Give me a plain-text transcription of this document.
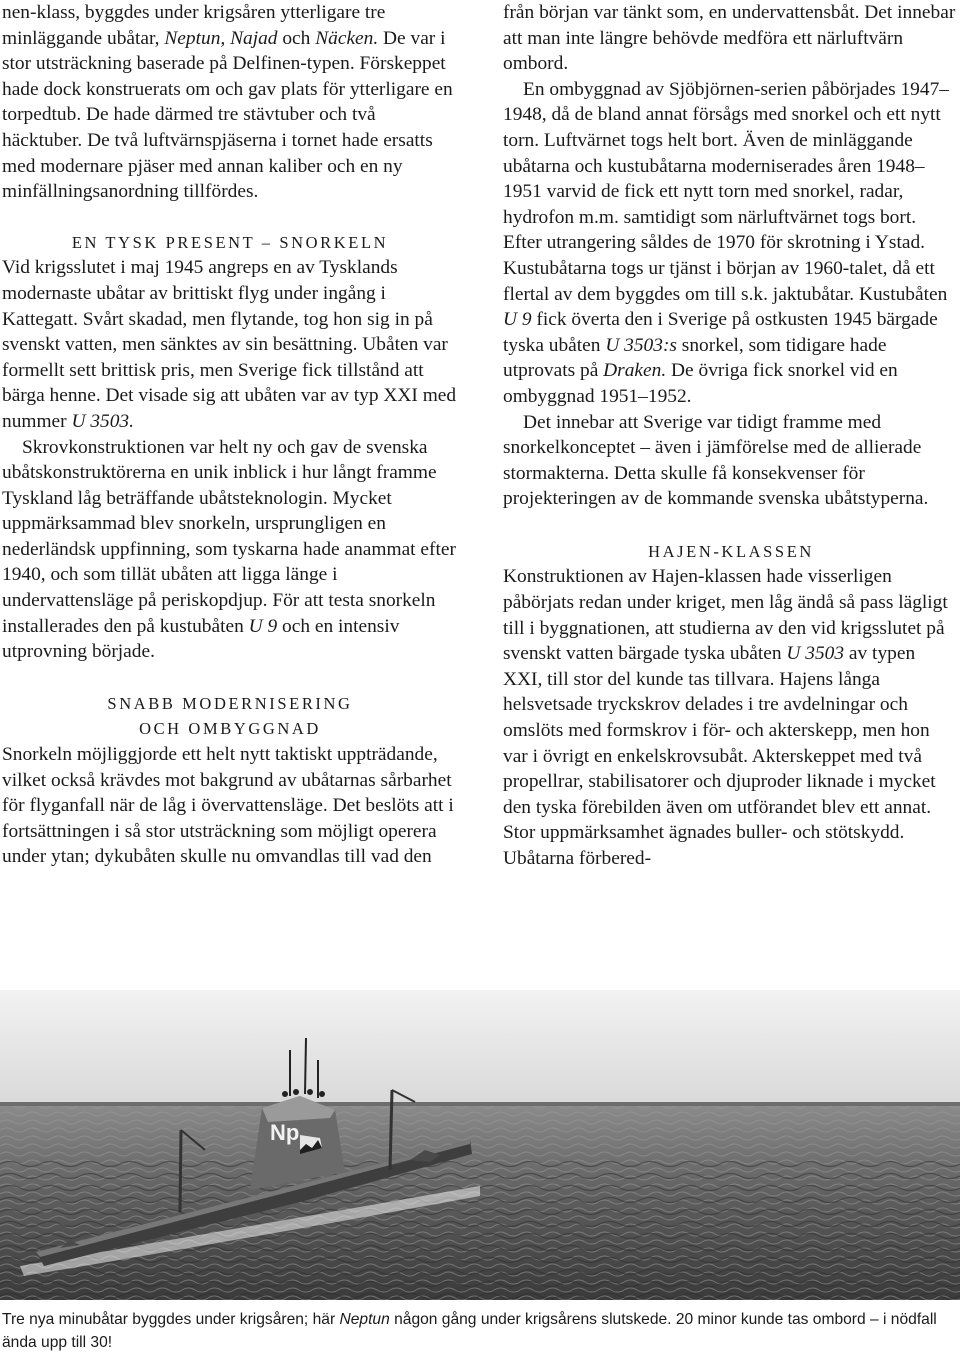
nen-klass, byggdes under krigsåren ytterligare tre minläggande ubåtar, Neptun, Najad och Näcken. De var i stor utsträckning baserade på Delfinen-typen. Förskeppet hade dock konstruerats om och gav plats för ytterligare en torpedtub. De hade därmed tre stävtuber och två häcktuber. De två luftvärnspjäserna i tornet hade ersatts med modernare pjäser med annan kaliber och en ny minfällningsanordning tillfördes.

EN TYSK PRESENT – SNORKELN

Vid krigsslutet i maj 1945 angreps en av Tysklands modernaste ubåtar av brittiskt flyg under ingång i Kattegatt. Svårt skadad, men flytande, tog hon sig in på svenskt vatten, men sänktes av sin besättning. Ubåten var formellt sett brittisk pris, men Sverige fick tillstånd att bärga henne. Det visade sig att ubåten var av typ XXI med nummer U 3503.

Skrovkonstruktionen var helt ny och gav de svenska ubåtskonstruktörerna en unik inblick i hur långt framme Tyskland låg beträffande ubåtsteknologin. Mycket uppmärksammad blev snorkeln, ursprungligen en nederländsk uppfinning, som tyskarna hade anammat efter 1940, och som tillät ubåten att ligga länge i undervattensläge på periskopdjup. För att testa snorkeln installerades den på kustubåten U 9 och en intensiv utprovning började.

SNABB MODERNISERING
OCH OMBYGGNAD

Snorkeln möjliggjorde ett helt nytt taktiskt uppträdande, vilket också krävdes mot bakgrund av ubåtarnas sårbarhet för flyganfall när de låg i övervattensläge. Det beslöts att i fortsättningen i så stor utsträckning som möjligt operera under ytan; dykubåten skulle nu omvandlas till vad den

från början var tänkt som, en undervattensbåt. Det innebar att man inte längre behövde medföra ett närluftvärn ombord.

En ombyggnad av Sjöbjörnen-serien påbörjades 1947–1948, då de bland annat försågs med snorkel och ett nytt torn. Luftvärnet togs helt bort. Även de minläggande ubåtarna och kustubåtarna moderniserades åren 1948–1951 varvid de fick ett nytt torn med snorkel, radar, hydrofon m.m. samtidigt som närluftvärnet togs bort. Efter utrangering såldes de 1970 för skrotning i Ystad. Kustubåtarna togs ur tjänst i början av 1960-talet, då ett flertal av dem byggdes om till s.k. jaktubåtar. Kustubåten U 9 fick överta den i Sverige på ostkusten 1945 bärgade tyska ubåten U 3503:s snorkel, som tidigare hade utprovats på Draken. De övriga fick snorkel vid en ombyggnad 1951–1952.

Det innebar att Sverige var tidigt framme med snorkelkonceptet – även i jämförelse med de allierade stormakterna. Detta skulle få konsekvenser för projekteringen av de kommande svenska ubåtstyperna.

HAJEN-KLASSEN

Konstruktionen av Hajen-klassen hade visserligen påbörjats redan under kriget, men låg ändå så pass lägligt till i byggnationen, att studierna av den vid krigsslutet på svenskt vatten bärgade tyska ubåten U 3503 av typen XXI, till stor del kunde tas tillvara. Hajens långa helsvetsade tryckskrov delades i tre avdelningar och omslöts med formskrov i för- och akterskepp, men hon var i övrigt en enkelskrovsubåt. Akterskeppet med två propellrar, stabilisatorer och djuproder liknade i mycket den tyska förebilden även om utförandet blev ett annat. Stor uppmärksamhet ägnades buller- och stötskydd. Ubåtarna förbered-

Np
Tre nya minubåtar byggdes under krigsåren; här Neptun någon gång under krigsårens slutskede. 20 minor kunde tas ombord – i nödfall ända upp till 30!
